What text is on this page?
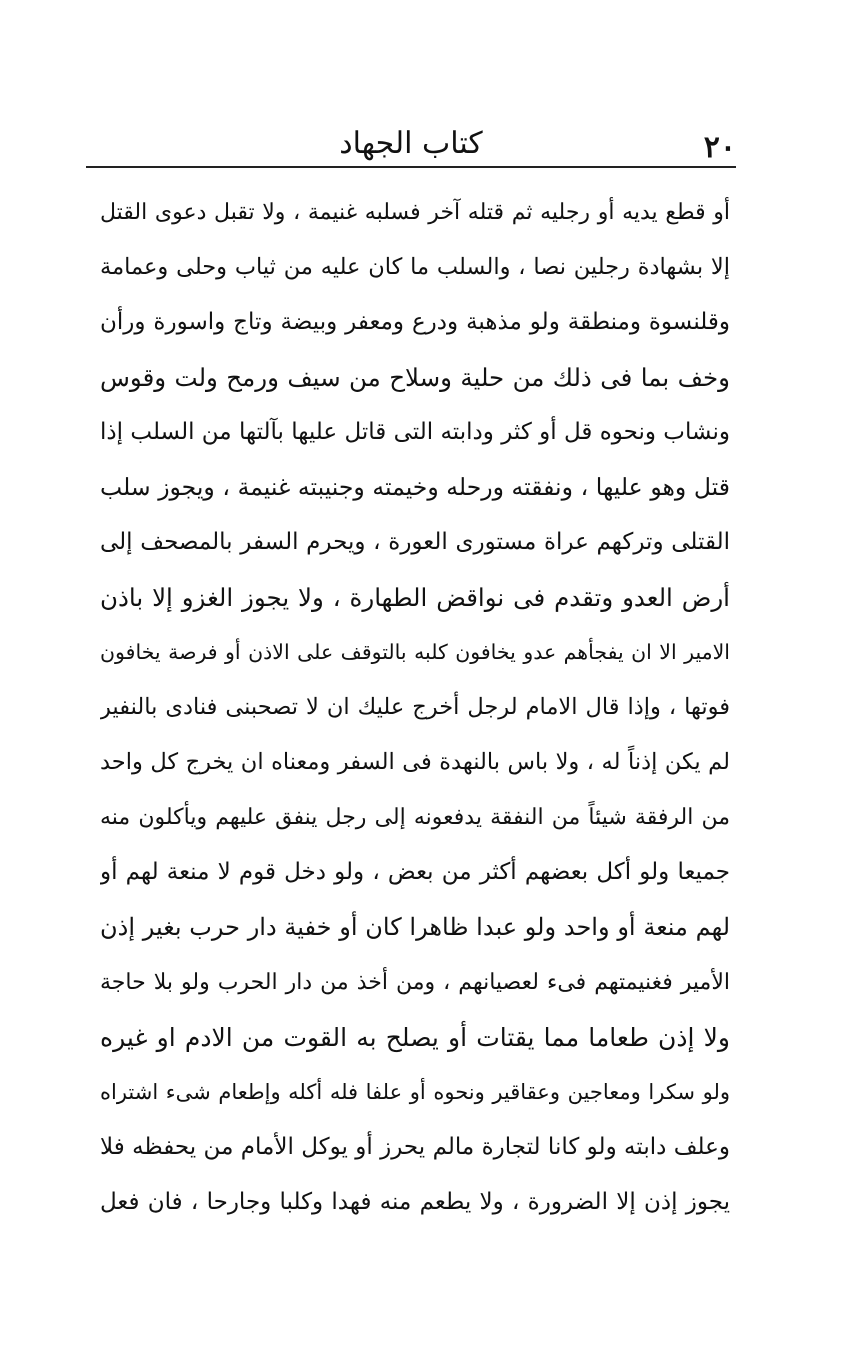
٢٠
كتاب الجهاد
أو قطع يديه أو رجليه ثم قتله آخر فسلبه غنيمة ، ولا تقبل دعوى القتل
إلا بشهادة رجلين نصا ، والسلب ما كان عليه من ثياب وحلى وعمامة
وقلنسوة ومنطقة ولو مذهبة ودرع ومعفر وبيضة وتاج واسورة ورأن
وخف بما فى ذلك من حلية وسلاح من سيف ورمح ولت وقوس
ونشاب ونحوه قل أو كثر ودابته التى قاتل عليها بآلتها من السلب إذا
قتل وهو عليها ، ونفقته ورحله وخيمته وجنيبته غنيمة ، ويجوز سلب
القتلى وتركهم عراة مستورى العورة ، ويحرم السفر بالمصحف إلى
أرض العدو وتقدم فى نواقض الطهارة ، ولا يجوز الغزو إلا باذن
الامير الا ان يفجأهم عدو يخافون كلبه بالتوقف على الاذن أو فرصة يخافون
فوتها ، وإذا قال الامام لرجل أخرج عليك ان لا تصحبنى فنادى بالنفير
لم يكن إذناً له ، ولا باس بالنهدة فى السفر ومعناه ان يخرج كل واحد
من الرفقة شيئاً من النفقة يدفعونه إلى رجل ينفق عليهم ويأكلون منه
جميعا ولو أكل بعضهم أكثر من بعض ، ولو دخل قوم لا منعة لهم أو
لهم منعة أو واحد ولو عبدا ظاهرا كان أو خفية دار حرب بغير إذن
الأمير فغنيمتهم فىء لعصيانهم ، ومن أخذ من دار الحرب ولو بلا حاجة
ولا إذن طعاما مما يقتات أو يصلح به القوت من الادم او غيره
ولو سكرا ومعاجين وعقاقير ونحوه أو علفا فله أكله وإطعام شىء اشتراه
وعلف دابته ولو كانا لتجارة مالم يحرز أو يوكل الأمام من يحفظه فلا
يجوز إذن إلا الضرورة ، ولا يطعم منه فهدا وكلبا وجارحا ، فان فعل
